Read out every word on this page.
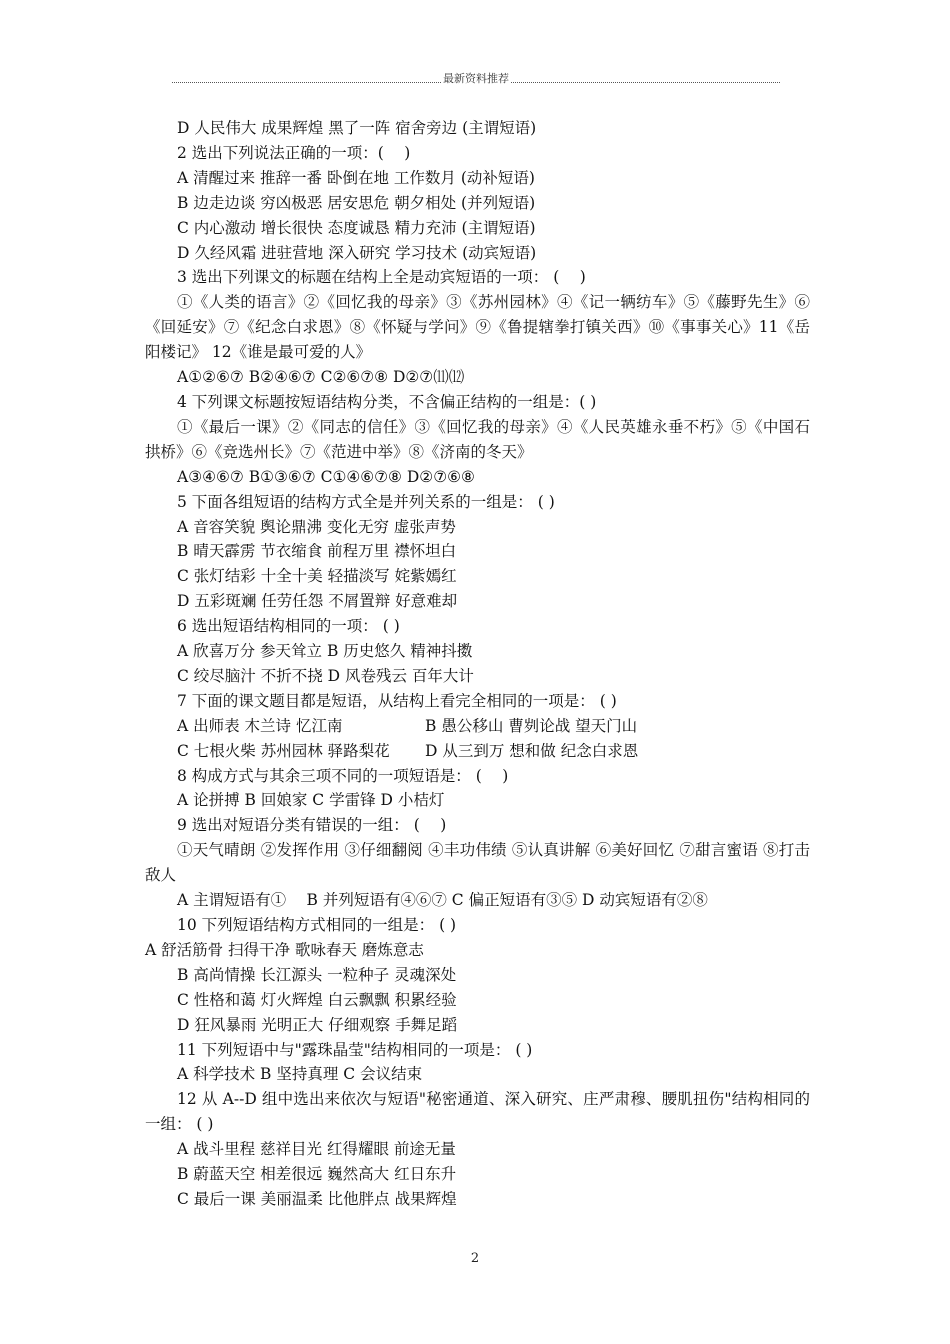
最新资料推荐
D 人民伟大 成果辉煌 黑了一阵 宿舍旁边 (主谓短语)
2 选出下列说法正确的一项：(　 )
A 清醒过来 推辞一番 卧倒在地 工作数月 (动补短语)
B 边走边谈 穷凶极恶 居安思危 朝夕相处 (并列短语)
C 内心激动 增长很快 态度诚恳 精力充沛 (主谓短语)
D 久经风霜 进驻营地 深入研究 学习技术 (动宾短语)
3 选出下列课文的标题在结构上全是动宾短语的一项： (　 )
①《人类的语言》②《回忆我的母亲》③《苏州园林》④《记一辆纺车》⑤《藤野先生》⑥《回延安》⑦《纪念白求恩》⑧《怀疑与学问》⑨《鲁提辖拳打镇关西》⑩《事事关心》11《岳阳楼记》 12《谁是最可爱的人》
A①②⑥⑦ B②④⑥⑦ C②⑥⑦⑧ D②⑦⑾⑿
4 下列课文标题按短语结构分类，不含偏正结构的一组是：( )
①《最后一课》②《同志的信任》③《回忆我的母亲》④《人民英雄永垂不朽》⑤《中国石拱桥》⑥《竞选州长》⑦《范进中举》⑧《济南的冬天》
A③④⑥⑦ B①③⑥⑦ C①④⑥⑦⑧ D②⑦⑥⑧
5 下面各组短语的结构方式全是并列关系的一组是： ( )
A 音容笑貌 舆论鼎沸 变化无穷 虚张声势
B 晴天霹雳 节衣缩食 前程万里 襟怀坦白
C 张灯结彩 十全十美 轻描淡写 姹紫嫣红
D 五彩斑斓 任劳任怨 不屑置辩 好意难却
6 选出短语结构相同的一项： ( )
A 欣喜万分 参天耸立 B 历史悠久 精神抖擞
C 绞尽脑汁 不折不挠 D 风卷残云 百年大计
7 下面的课文题目都是短语，从结构上看完全相同的一项是： ( )
A 出师表 木兰诗 忆江南	B 愚公移山 曹刿论战 望天门山
C 七根火柴 苏州园林 驿路梨花 D 从三到万 想和做 纪念白求恩
8 构成方式与其余三项不同的一项短语是： (　 )
A 论拼搏 B 回娘家 C 学雷锋 D 小桔灯
9 选出对短语分类有错误的一组： (　 )
①天气晴朗 ②发挥作用 ③仔细翻阅 ④丰功伟绩 ⑤认真讲解 ⑥美好回忆 ⑦甜言蜜语 ⑧打击敌人
A 主谓短语有①　 B 并列短语有④⑥⑦ C 偏正短语有③⑤ D 动宾短语有②⑧
10 下列短语结构方式相同的一组是： ( )
A 舒活筋骨 扫得干净 歌咏春天 磨炼意志
B 高尚情操 长江源头 一粒种子 灵魂深处
C 性格和蔼 灯火辉煌 白云飘飘 积累经验
D 狂风暴雨 光明正大 仔细观察 手舞足蹈
11 下列短语中与"露珠晶莹"结构相同的一项是： ( )
A 科学技术 B 坚持真理 C 会议结束
12 从 A--D 组中选出来依次与短语"秘密通道、深入研究、庄严肃穆、腰肌扭伤"结构相同的一组： ( )
A 战斗里程 慈祥目光 红得耀眼 前途无量
B 蔚蓝天空 相差很远 巍然高大 红日东升
C 最后一课 美丽温柔 比他胖点 战果辉煌
2
